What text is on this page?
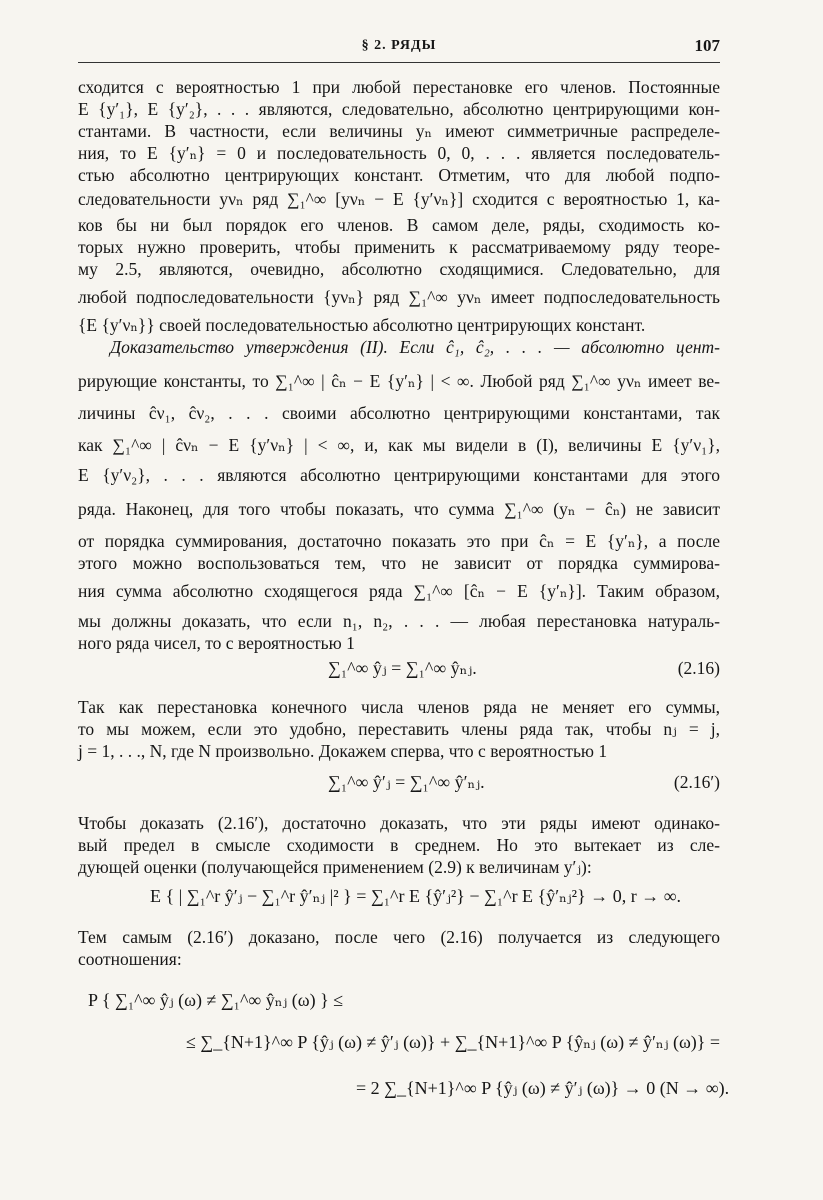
§ 2. РЯДЫ	107
сходится с вероятностью 1 при любой перестановке его членов. Постоянные
E {y′₁}, E {y′₂}, . . . являются, следовательно, абсолютно центрирующими кон-
стантами. В частности, если величины yₙ имеют симметричные распределе-
ния, то E {y′ₙ} = 0 и последовательность 0, 0, . . . является последователь-
стью абсолютно центрирующих констант. Отметим, что для любой подпо-
следовательности yνₙ ряд ∑₁^∞ [yνₙ − E {y′νₙ}] сходится с вероятностью 1, ка-
ков бы ни был порядок его членов. В самом деле, ряды, сходимость ко-
торых нужно проверить, чтобы применить к рассматриваемому ряду теоре-
му 2.5, являются, очевидно, абсолютно сходящимися. Следовательно, для
любой подпоследовательности {yνₙ} ряд ∑₁^∞ yνₙ имеет подпоследовательность
{E {y′νₙ}} своей последовательностью абсолютно центрирующих констант.
Доказательство утверждения (II). Если ĉ₁, ĉ₂, . . . — абсолютно цент-
рирующие константы, то ∑₁^∞ | ĉₙ − E {y′ₙ} | < ∞. Любой ряд ∑₁^∞ yνₙ имеет ве-
личины ĉν₁, ĉν₂, . . . своими абсолютно центрирующими константами, так
как ∑₁^∞ | ĉνₙ − E {y′νₙ} | < ∞, и, как мы видели в (I), величины E {y′ν₁},
E {y′ν₂}, . . . являются абсолютно центрирующими константами для этого
ряда. Наконец, для того чтобы показать, что сумма ∑₁^∞ (yₙ − ĉₙ) не зависит
от порядка суммирования, достаточно показать это при ĉₙ = E {y′ₙ}, а после
этого можно воспользоваться тем, что не зависит от порядка суммирова-
ния сумма абсолютно сходящегося ряда ∑₁^∞ [ĉₙ − E {y′ₙ}]. Таким образом,
мы должны доказать, что если n₁, n₂, . . . — любая перестановка натураль-
ного ряда чисел, то с вероятностью 1
∑₁^∞ ŷⱼ = ∑₁^∞ ŷₙⱼ.	(2.16)
Так как перестановка конечного числа членов ряда не меняет его суммы,
то мы можем, если это удобно, переставить члены ряда так, чтобы nⱼ = j,
j = 1, . . ., N, где N произвольно. Докажем сперва, что с вероятностью 1
∑₁^∞ ŷ′ⱼ = ∑₁^∞ ŷ′ₙⱼ.	(2.16′)
Чтобы доказать (2.16′), достаточно доказать, что эти ряды имеют одинако-
вый предел в смысле сходимости в среднем. Но это вытекает из сле-
дующей оценки (получающейся применением (2.9) к величинам y′ⱼ):
E { | ∑₁^r ŷ′ⱼ − ∑₁^r ŷ′ₙⱼ |² } = ∑₁^r E {ŷ′ⱼ²} − ∑₁^r E {ŷ′ₙⱼ²} → 0, r → ∞.
Тем самым (2.16′) доказано, после чего (2.16) получается из следующего
соотношения:
P { ∑₁^∞ ŷⱼ (ω) ≠ ∑₁^∞ ŷₙⱼ (ω) } ≤
≤ ∑_{N+1}^∞ P {ŷⱼ (ω) ≠ ŷ′ⱼ (ω)} + ∑_{N+1}^∞ P {ŷₙⱼ (ω) ≠ ŷ′ₙⱼ (ω)} =
= 2 ∑_{N+1}^∞ P {ŷⱼ (ω) ≠ ŷ′ⱼ (ω)} → 0 (N → ∞).
